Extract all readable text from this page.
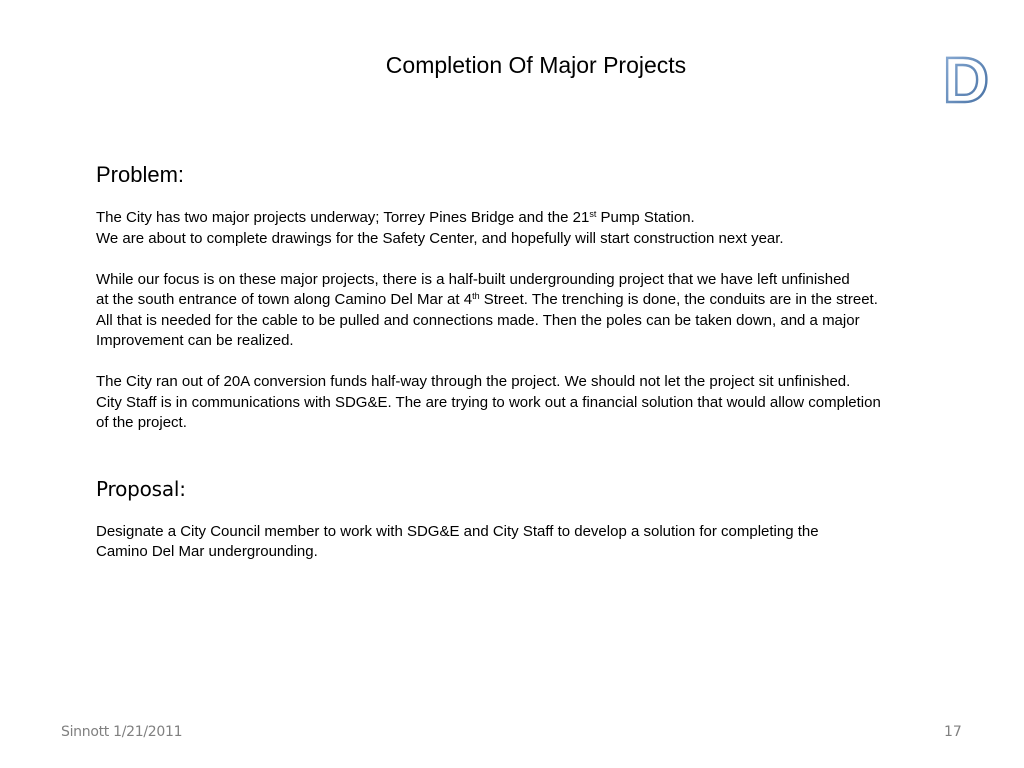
Completion Of Major Projects	D
Problem:

The City has two major projects underway; Torrey Pines Bridge and the 21st Pump Station.

We are about to complete drawings for the Safety Center, and hopefully will start construction next year.

While our focus is on these major projects, there is a half-built undergrounding project that we have left unfinished

at the south entrance of town along Camino Del Mar at 4th Street. The trenching is done, the conduits are in the street.

All that is needed for the cable to be pulled and connections made. Then the poles can be taken down, and a major

Improvement can be realized.

The City ran out of 20A conversion funds half-way through the project. We should not let the project sit unfinished.

City Staff is in communications with SDG&E. The are trying to work out a financial solution that would allow completion

of the project.

Proposal:

Designate a City Council member to work with SDG&E and City Staff to develop a solution for completing the

Camino Del Mar undergrounding.

Sinnott 1/21/2011	17
